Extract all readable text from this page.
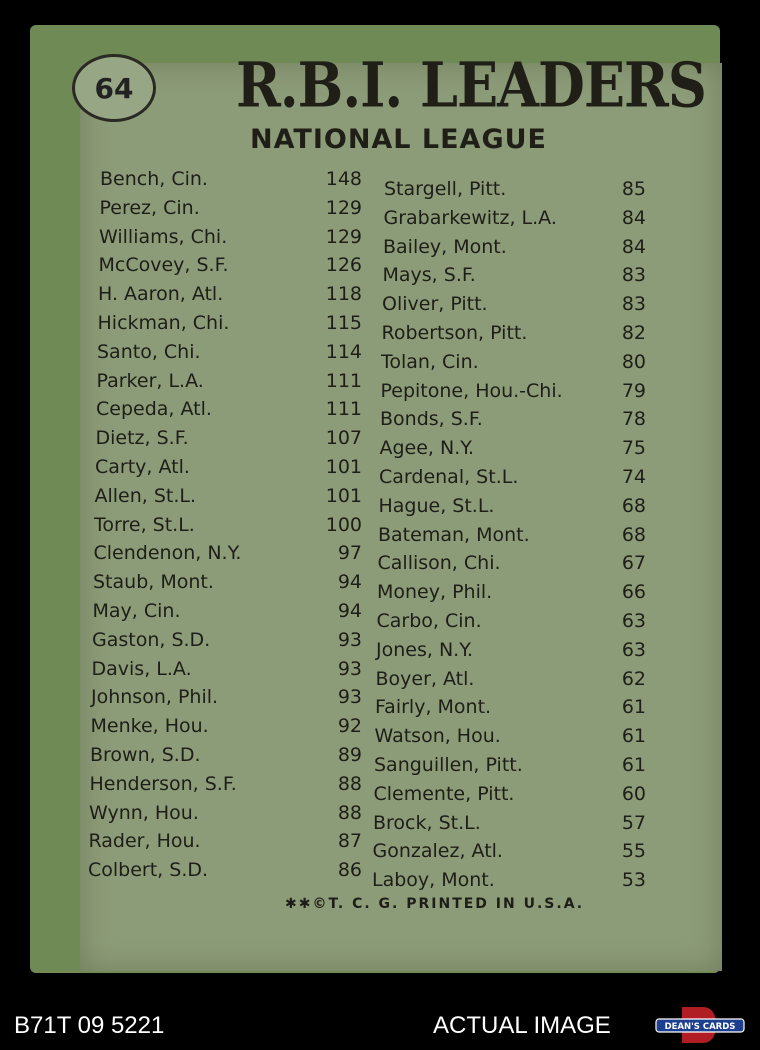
64 R.B.I. LEADERS
NATIONAL LEAGUE
Bench, Cin.	148
Perez, Cin.	129
Williams, Chi.	129
McCovey, S.F.	126
H. Aaron, Atl.	118
Hickman, Chi.	115
Santo, Chi.	114
Parker, L.A.	111
Cepeda, Atl.	111
Dietz, S.F.	107
Carty, Atl.	101
Allen, St.L.	101
Torre, St.L.	100
Clendenon, N.Y.	97
Staub, Mont.	94
May, Cin.	94
Gaston, S.D.	93
Davis, L.A.	93
Johnson, Phil.	93
Menke, Hou.	92
Brown, S.D.	89
Henderson, S.F.	88
Wynn, Hou.	88
Rader, Hou.	87
Colbert, S.D.	86
Stargell, Pitt.	85
Grabarkewitz, L.A.	84
Bailey, Mont.	84
Mays, S.F.	83
Oliver, Pitt.	83
Robertson, Pitt.	82
Tolan, Cin.	80
Pepitone, Hou.-Chi.	79
Bonds, S.F.	78
Agee, N.Y.	75
Cardenal, St.L.	74
Hague, St.L.	68
Bateman, Mont.	68
Callison, Chi.	67
Money, Phil.	66
Carbo, Cin.	63
Jones, N.Y.	63
Boyer, Atl.	62
Fairly, Mont.	61
Watson, Hou.	61
Sanguillen, Pitt.	61
Clemente, Pitt.	60
Brock, St.L.	57
Gonzalez, Atl.	55
Laboy, Mont.	53
✱✱©T. C. G. PRINTED IN U.S.A.
B71T 09 5221	ACTUAL IMAGE	DEAN'S CARDS
